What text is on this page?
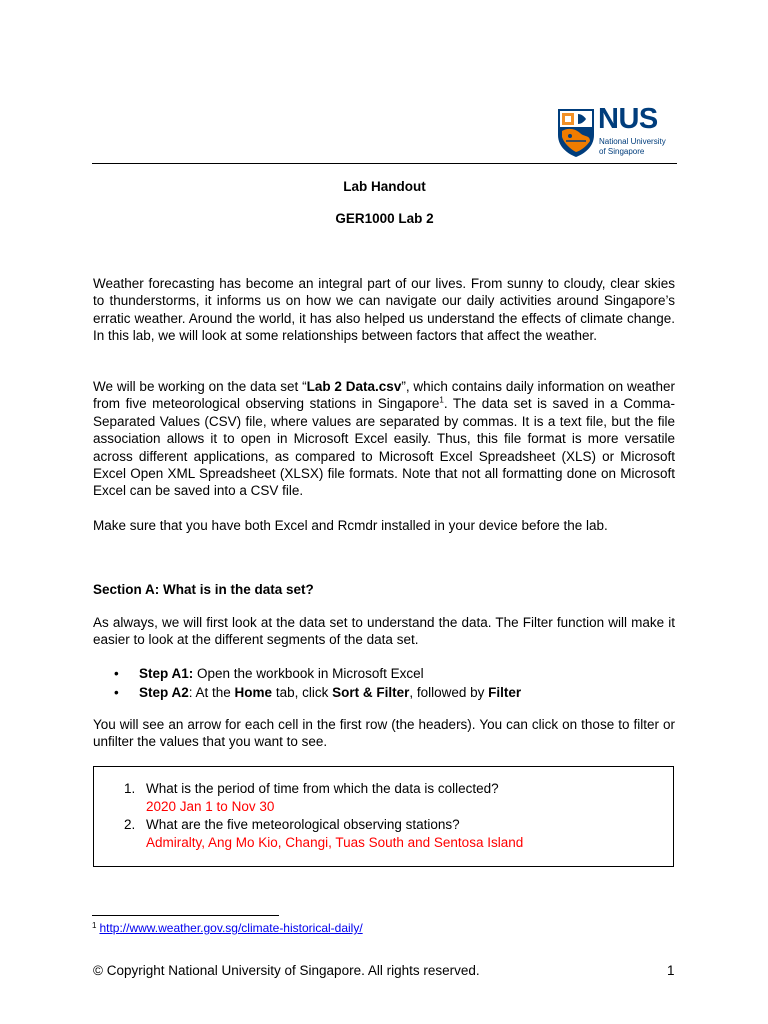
NUS
National University
of Singapore
Lab Handout
GER1000 Lab 2

Weather forecasting has become an integral part of our lives. From sunny to cloudy, clear skies to thunderstorms, it informs us on how we can navigate our daily activities around Singapore’s erratic weather. Around the world, it has also helped us understand the effects of climate change. In this lab, we will look at some relationships between factors that affect the weather.

We will be working on the data set “Lab 2 Data.csv”, which contains daily information on weather from five meteorological observing stations in Singapore$^1$. The data set is saved in a Comma-Separated Values (CSV) file, where values are separated by commas. It is a text file, but the file association allows it to open in Microsoft Excel easily. Thus, this file format is more versatile across different applications, as compared to Microsoft Excel Spreadsheet (XLS) or Microsoft Excel Open XML Spreadsheet (XLSX) file formats. Note that not all formatting done on Microsoft Excel can be saved into a CSV file.

Make sure that you have both Excel and Rcmdr installed in your device before the lab.

Section A: What is in the data set?

As always, we will first look at the data set to understand the data. The Filter function will make it easier to look at the different segments of the data set.

• Step A1: Open the workbook in Microsoft Excel
• Step A2: At the Home tab, click Sort & Filter, followed by Filter

You will see an arrow for each cell in the first row (the headers). You can click on those to filter or unfilter the values that you want to see.

1. What is the period of time from which the data is collected?
2020 Jan 1 to Nov 30
2. What are the five meteorological observing stations?
Admiralty, Ang Mo Kio, Changi, Tuas South and Sentosa Island
$^1$ http://www.weather.gov.sg/climate-historical-daily/
© Copyright National University of Singapore. All rights reserved.	1
